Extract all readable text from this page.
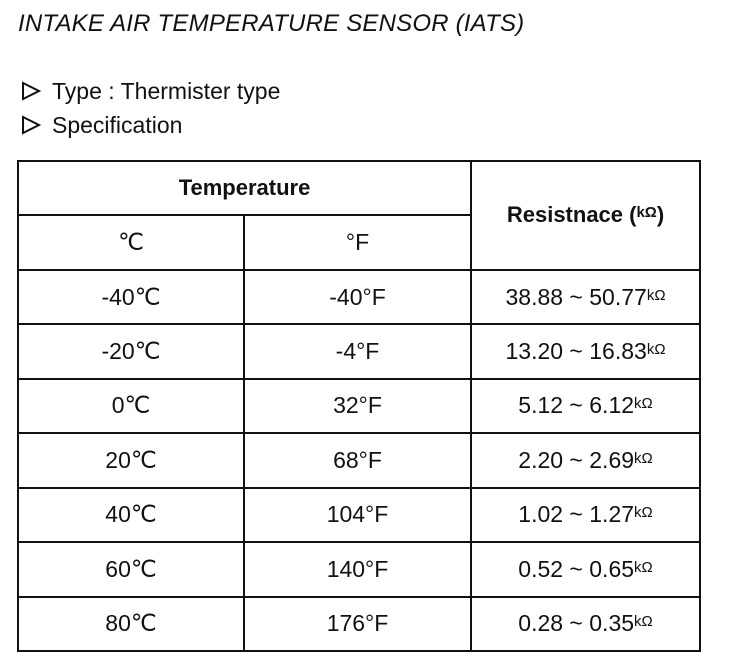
INTAKE AIR TEMPERATURE SENSOR (IATS)
Type : Thermister type
Specification
Temperature		Resistnace ($^{k\Omega}$)
℃	°F	
-40℃	-40°F	38.88 ~ $50.77^{k\Omega}$
-20℃	-4°F	13.20 ~ $16.83^{k\Omega}$
0℃	32°F	5.12 ~ $6.12^{k\Omega}$
20℃	68°F	2.20 ~ $2.69^{k\Omega}$
40℃	104°F	1.02 ~ $1.27^{k\Omega}$
60℃	140°F	0.52 ~ $0.65^{k\Omega}$
80℃	176°F	0.28 ~ $0.35^{k\Omega}$
